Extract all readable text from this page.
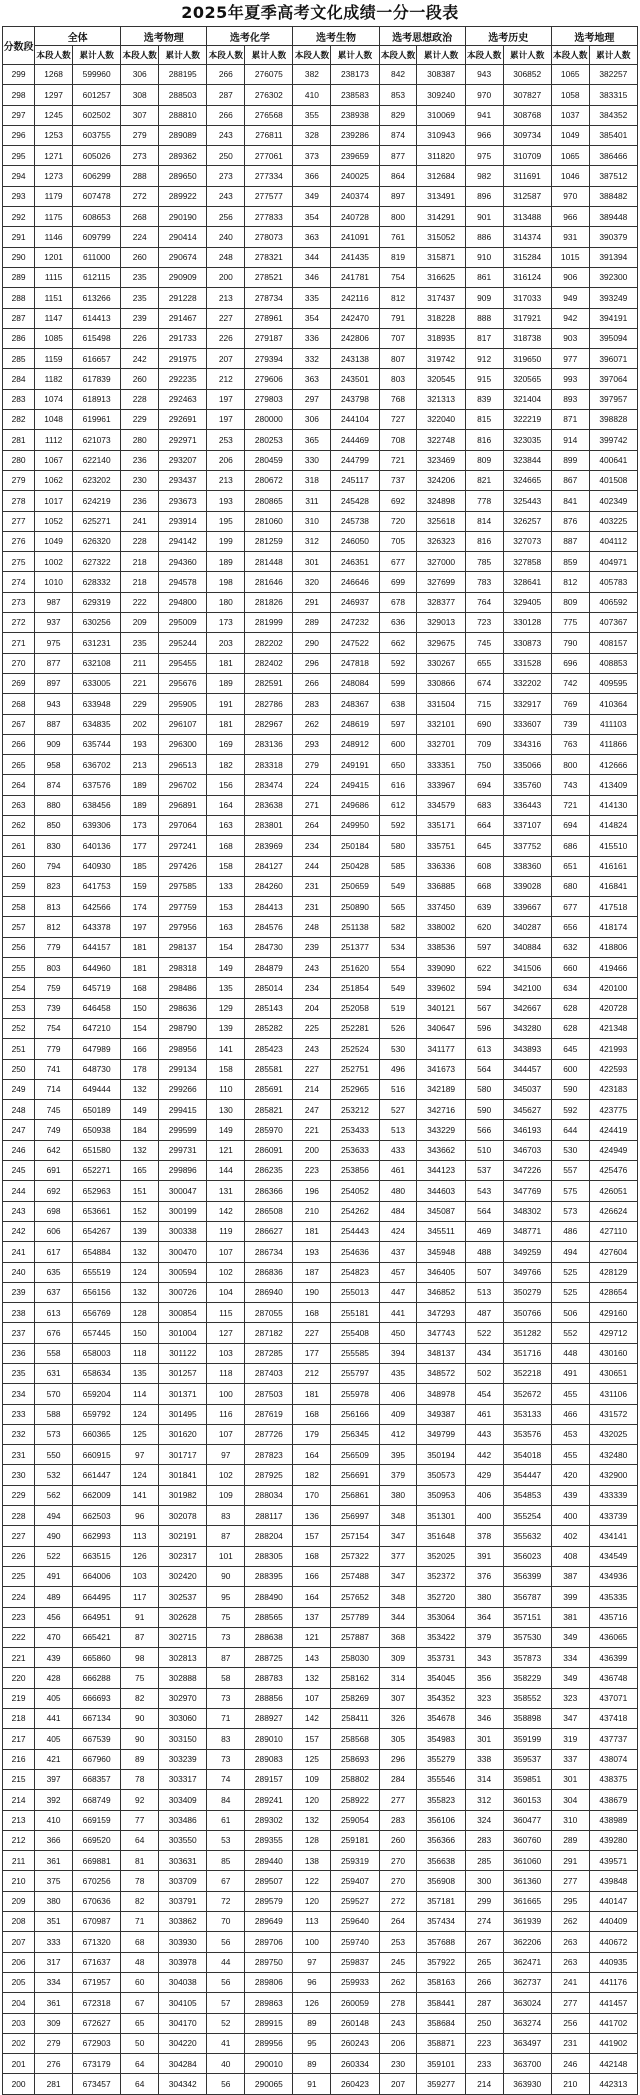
2025年夏季高考文化成绩一分一段表
分数段	全体		选考物理		选考化学		选考生物		选考思想政治		选考历史		选考地理	
	本段人数	累计人数	本段人数	累计人数	本段人数	累计人数	本段人数	累计人数	本段人数	累计人数	本段人数	累计人数	本段人数	累计人数
299	1268	599960	306	288195	266	276075	382	238173	842	308387	943	306852	1065	382257
298	1297	601257	308	288503	287	276302	410	238583	853	309240	970	307827	1058	383315
297	1245	602502	307	288810	266	276568	355	238938	829	310069	941	308768	1037	384352
296	1253	603755	279	289089	243	276811	328	239286	874	310943	966	309734	1049	385401
295	1271	605026	273	289362	250	277061	373	239659	877	311820	975	310709	1065	386466
294	1273	606299	288	289650	273	277334	366	240025	864	312684	982	311691	1046	387512
293	1179	607478	272	289922	243	277577	349	240374	897	313491	896	312587	970	388482
292	1175	608653	268	290190	256	277833	354	240728	800	314291	901	313488	966	389448
291	1146	609799	224	290414	240	278073	363	241091	761	315052	886	314374	931	390379
290	1201	611000	260	290674	248	278321	344	241435	819	315871	910	315284	1015	391394
289	1115	612115	235	290909	200	278521	346	241781	754	316625	861	316124	906	392300
288	1151	613266	235	291228	213	278734	335	242116	812	317437	909	317033	949	393249
287	1147	614413	239	291467	227	278961	354	242470	791	318228	888	317921	942	394191
286	1085	615498	226	291733	226	279187	336	242806	707	318935	817	318738	903	395094
285	1159	616657	242	291975	207	279394	332	243138	807	319742	912	319650	977	396071
284	1182	617839	260	292235	212	279606	363	243501	803	320545	915	320565	993	397064
283	1074	618913	228	292463	197	279803	297	243798	768	321313	839	321404	893	397957
282	1048	619961	229	292691	197	280000	306	244104	727	322040	815	322219	871	398828
281	1112	621073	280	292971	253	280253	365	244469	708	322748	816	323035	914	399742
280	1067	622140	236	293207	206	280459	330	244799	721	323469	809	323844	899	400641
279	1062	623202	230	293437	213	280672	318	245117	737	324206	821	324665	867	401508
278	1017	624219	236	293673	193	280865	311	245428	692	324898	778	325443	841	402349
277	1052	625271	241	293914	195	281060	310	245738	720	325618	814	326257	876	403225
276	1049	626320	228	294142	199	281259	312	246050	705	326323	816	327073	887	404112
275	1002	627322	218	294360	189	281448	301	246351	677	327000	785	327858	859	404971
274	1010	628332	218	294578	198	281646	320	246646	699	327699	783	328641	812	405783
273	987	629319	222	294800	180	281826	291	246937	678	328377	764	329405	809	406592
272	937	630256	209	295009	173	281999	289	247232	636	329013	723	330128	775	407367
271	975	631231	235	295244	203	282202	290	247522	662	329675	745	330873	790	408157
270	877	632108	211	295455	181	282402	296	247818	592	330267	655	331528	696	408853
269	897	633005	221	295676	189	282591	266	248084	599	330866	674	332202	742	409595
268	943	633948	229	295905	191	282786	283	248367	638	331504	715	332917	769	410364
267	887	634835	202	296107	181	282967	262	248619	597	332101	690	333607	739	411103
266	909	635744	193	296300	169	283136	293	248912	600	332701	709	334316	763	411866
265	958	636702	213	296513	182	283318	279	249191	650	333351	750	335066	800	412666
264	874	637576	189	296702	156	283474	224	249415	616	333967	694	335760	743	413409
263	880	638456	189	296891	164	283638	271	249686	612	334579	683	336443	721	414130
262	850	639306	173	297064	163	283801	264	249950	592	335171	664	337107	694	414824
261	830	640136	177	297241	168	283969	234	250184	580	335751	645	337752	686	415510
260	794	640930	185	297426	158	284127	244	250428	585	336336	608	338360	651	416161
259	823	641753	159	297585	133	284260	231	250659	549	336885	668	339028	680	416841
258	813	642566	174	297759	153	284413	231	250890	565	337450	639	339667	677	417518
257	812	643378	197	297956	163	284576	248	251138	582	338002	620	340287	656	418174
256	779	644157	181	298137	154	284730	239	251377	534	338536	597	340884	632	418806
255	803	644960	181	298318	149	284879	243	251620	554	339090	622	341506	660	419466
254	759	645719	168	298486	135	285014	234	251854	549	339602	594	342100	634	420100
253	739	646458	150	298636	129	285143	204	252058	519	340121	567	342667	628	420728
252	754	647210	154	298790	139	285282	225	252281	526	340647	596	343280	628	421348
251	779	647989	166	298956	141	285423	243	252524	530	341177	613	343893	645	421993
250	741	648730	178	299134	158	285581	227	252751	496	341673	564	344457	600	422593
249	714	649444	132	299266	110	285691	214	252965	516	342189	580	345037	590	423183
248	745	650189	149	299415	130	285821	247	253212	527	342716	590	345627	592	423775
247	749	650938	184	299599	149	285970	221	253433	513	343229	566	346193	644	424419
246	642	651580	132	299731	121	286091	200	253633	433	343662	510	346703	530	424949
245	691	652271	165	299896	144	286235	223	253856	461	344123	537	347226	557	425476
244	692	652963	151	300047	131	286366	196	254052	480	344603	543	347769	575	426051
243	698	653661	152	300199	142	286508	210	254262	484	345087	564	348302	573	426624
242	606	654267	139	300338	119	286627	181	254443	424	345511	469	348771	486	427110
241	617	654884	132	300470	107	286734	193	254636	437	345948	488	349259	494	427604
240	635	655519	124	300594	102	286836	187	254823	457	346405	507	349766	525	428129
239	637	656156	132	300726	104	286940	190	255013	447	346852	513	350279	525	428654
238	613	656769	128	300854	115	287055	168	255181	441	347293	487	350766	506	429160
237	676	657445	150	301004	127	287182	227	255408	450	347743	522	351282	552	429712
236	558	658003	118	301122	103	287285	177	255585	394	348137	434	351716	448	430160
235	631	658634	135	301257	118	287403	212	255797	435	348572	502	352218	491	430651
234	570	659204	114	301371	100	287503	181	255978	406	348978	454	352672	455	431106
233	588	659792	124	301495	116	287619	168	256166	409	349387	461	353133	466	431572
232	573	660365	125	301620	107	287726	179	256345	412	349799	443	353576	453	432025
231	550	660915	97	301717	97	287823	164	256509	395	350194	442	354018	455	432480
230	532	661447	124	301841	102	287925	182	256691	379	350573	429	354447	420	432900
229	562	662009	141	301982	109	288034	170	256861	380	350953	406	354853	439	433339
228	494	662503	96	302078	83	288117	136	256997	348	351301	400	355254	400	433739
227	490	662993	113	302191	87	288204	157	257154	347	351648	378	355632	402	434141
226	522	663515	126	302317	101	288305	168	257322	377	352025	391	356023	408	434549
225	491	664006	103	302420	90	288395	166	257488	347	352372	376	356399	387	434936
224	489	664495	117	302537	95	288490	164	257652	348	352720	380	356787	399	435335
223	456	664951	91	302628	75	288565	137	257789	344	353064	364	357151	381	435716
222	470	665421	87	302715	73	288638	121	257887	368	353422	379	357530	349	436065
221	439	665860	98	302813	87	288725	143	258030	309	353731	343	357873	334	436399
220	428	666288	75	302888	58	288783	132	258162	314	354045	356	358229	349	436748
219	405	666693	82	302970	73	288856	107	258269	307	354352	323	358552	323	437071
218	441	667134	90	303060	71	288927	142	258411	326	354678	346	358898	347	437418
217	405	667539	90	303150	83	289010	157	258568	305	354983	301	359199	319	437737
216	421	667960	89	303239	73	289083	125	258693	296	355279	338	359537	337	438074
215	397	668357	78	303317	74	289157	109	258802	284	355546	314	359851	301	438375
214	392	668749	92	303409	84	289241	120	258922	277	355823	312	360153	304	438679
213	410	669159	77	303486	61	289302	132	259054	283	356106	324	360477	310	438989
212	366	669520	64	303550	53	289355	128	259181	260	356366	283	360760	289	439280
211	361	669881	81	303631	85	289440	138	259319	270	356638	285	361060	291	439571
210	375	670256	78	303709	67	289507	122	259407	270	356908	300	361360	277	439848
209	380	670636	82	303791	72	289579	120	259527	272	357181	299	361665	295	440147
208	351	670987	71	303862	70	289649	113	259640	264	357434	274	361939	262	440409
207	333	671320	68	303930	56	289706	100	259740	253	357688	267	362206	263	440672
206	317	671637	48	303978	44	289750	97	259837	245	357922	265	362471	263	440935
205	334	671957	60	304038	56	289806	96	259933	262	358163	266	362737	241	441176
204	361	672318	67	304105	57	289863	126	260059	278	358441	287	363024	277	441457
203	309	672627	65	304170	52	289915	89	260148	243	358684	250	363274	256	441702
202	279	672903	50	304220	41	289956	95	260243	206	358871	223	363497	231	441902
201	276	673179	64	304284	40	290010	89	260334	230	359101	233	363700	246	442148
200	281	673457	64	304342	56	290065	91	260423	207	359277	214	363930	210	442313
